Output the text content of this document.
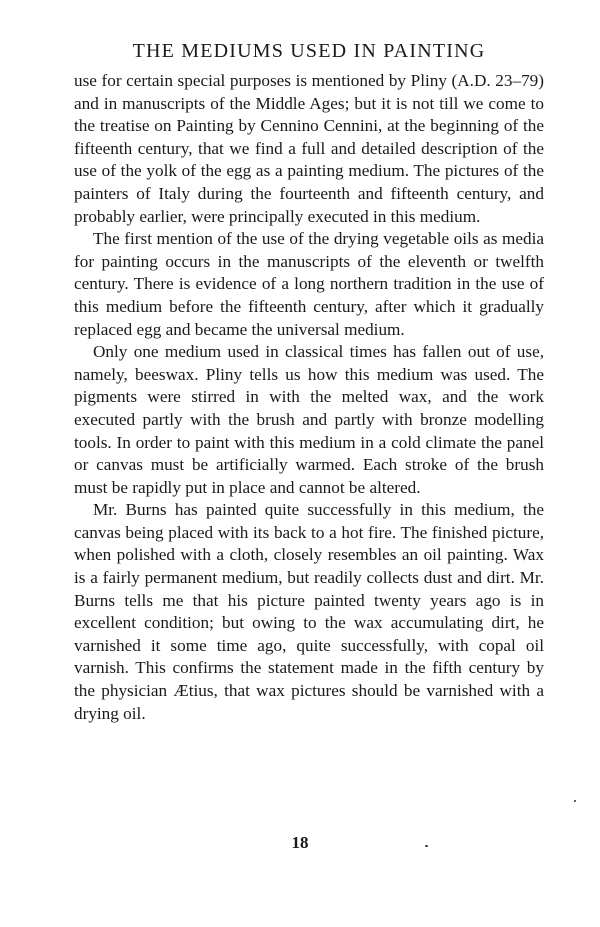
THE MEDIUMS USED IN PAINTING

use for certain special purposes is mentioned by Pliny (A.D. 23–79) and in manuscripts of the Middle Ages; but it is not till we come to the treatise on Painting by Cennino Cennini, at the beginning of the fifteenth century, that we find a full and detailed description of the use of the yolk of the egg as a painting medium. The pictures of the painters of Italy during the fourteenth and fifteenth century, and probably earlier, were principally executed in this medium.

The first mention of the use of the drying vegetable oils as media for painting occurs in the manuscripts of the eleventh or twelfth century. There is evidence of a long northern tradition in the use of this medium before the fifteenth century, after which it gradually replaced egg and became the universal medium.

Only one medium used in classical times has fallen out of use, namely, beeswax. Pliny tells us how this medium was used. The pigments were stirred in with the melted wax, and the work executed partly with the brush and partly with bronze modelling tools. In order to paint with this medium in a cold climate the panel or canvas must be artificially warmed. Each stroke of the brush must be rapidly put in place and cannot be altered.

Mr. Burns has painted quite successfully in this medium, the canvas being placed with its back to a hot fire. The finished picture, when polished with a cloth, closely resembles an oil painting. Wax is a fairly permanent medium, but readily collects dust and dirt. Mr. Burns tells me that his picture painted twenty years ago is in excellent condition; but owing to the wax accumulating dirt, he varnished it some time ago, quite successfully, with copal oil varnish. This confirms the statement made in the fifth century by the physician Ætius, that wax pictures should be varnished with a drying oil.

18
